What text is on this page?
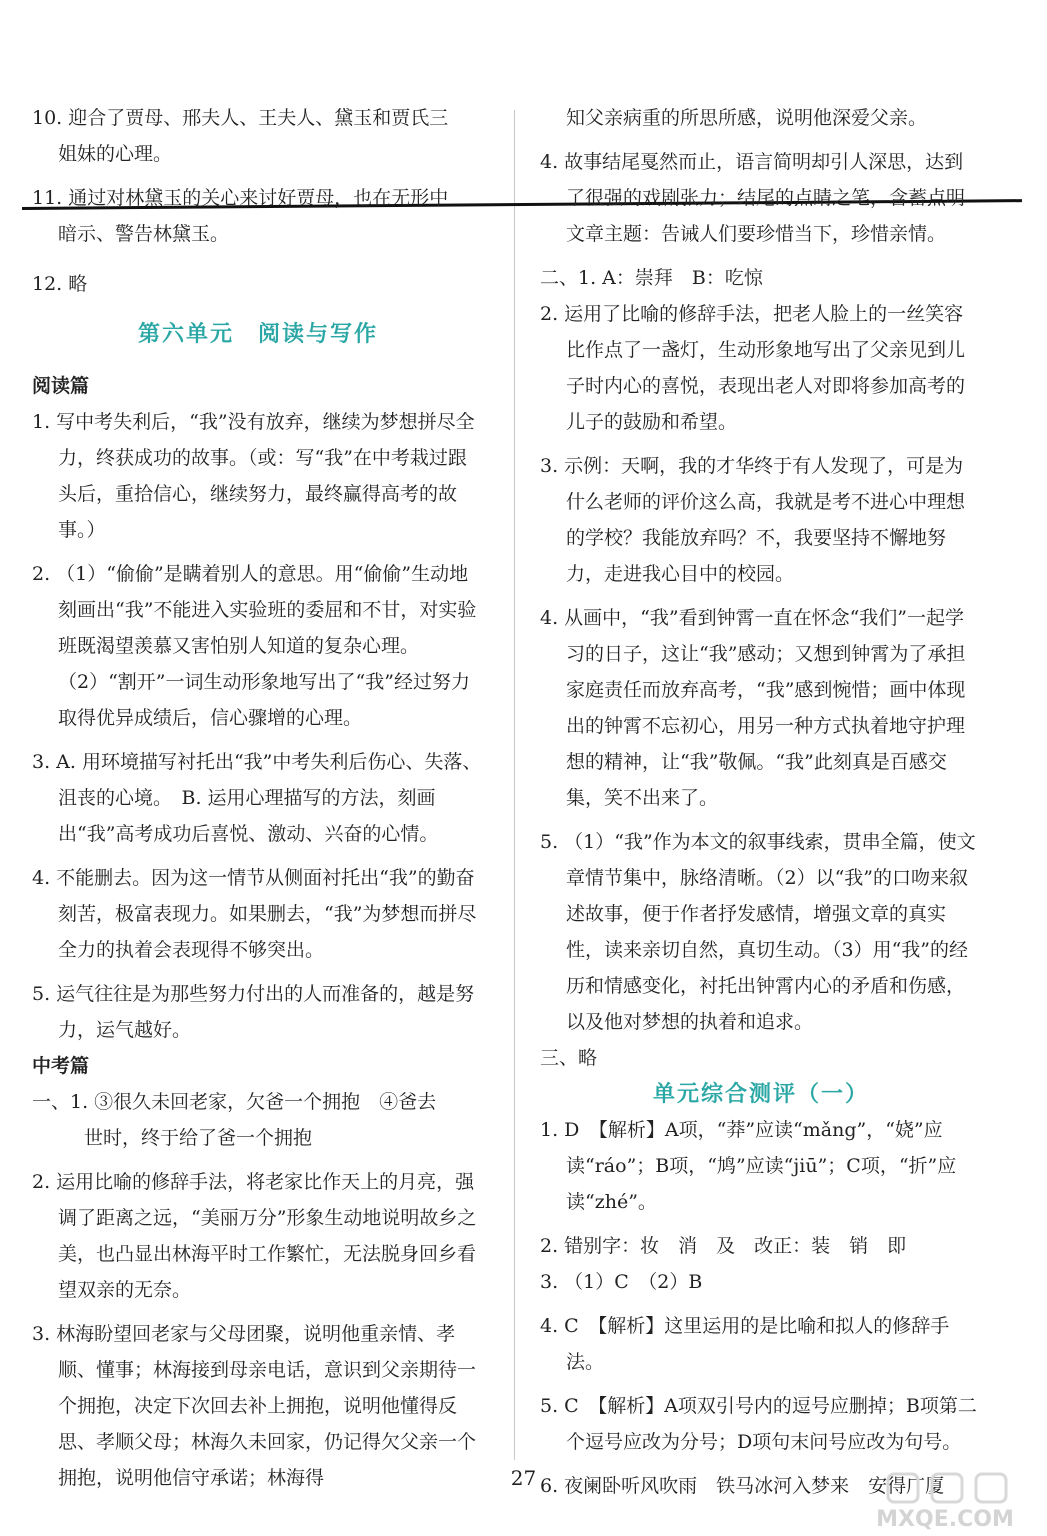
10. 迎合了贾母、邢夫人、王夫人、黛玉和贾氏三

姐妹的心理。

11. 通过对林黛玉的关心来讨好贾母，也在无形中

暗示、警告林黛玉。

12. 略

第六单元　阅读与写作

阅读篇

1. 写中考失利后，“我”没有放弃，继续为梦想拼尽全力，终获成功的故事。（或：写“我”在中考栽过跟头后，重拾信心，继续努力，最终赢得高考的故事。）

2. （1）“偷偷”是瞒着别人的意思。用“偷偷”生动地刻画出“我”不能进入实验班的委屈和不甘，对实验班既渴望羡慕又害怕别人知道的复杂心理。　（2）“割开”一词生动形象地写出了“我”经过努力取得优异成绩后，信心骤增的心理。

3. A. 用环境描写衬托出“我”中考失利后伤心、失落、沮丧的心境。　B. 运用心理描写的方法，刻画出“我”高考成功后喜悦、激动、兴奋的心情。

4. 不能删去。因为这一情节从侧面衬托出“我”的勤奋刻苦，极富表现力。如果删去，“我”为梦想而拼尽全力的执着会表现得不够突出。

5. 运气往往是为那些努力付出的人而准备的，越是努力，运气越好。

中考篇

一、1. ③很久未回老家，欠爸一个拥抱　④爸去

世时，终于给了爸一个拥抱

2. 运用比喻的修辞手法，将老家比作天上的月亮，强调了距离之远，“美丽万分”形象生动地说明故乡之美，也凸显出林海平时工作繁忙，无法脱身回乡看望双亲的无奈。

3. 林海盼望回老家与父母团聚，说明他重亲情、孝顺、懂事；林海接到母亲电话，意识到父亲期待一个拥抱，决定下次回去补上拥抱，说明他懂得反思、孝顺父母；林海久未回家，仍记得欠父亲一个拥抱，说明他信守承诺；林海得

知父亲病重的所思所感，说明他深爱父亲。

4. 故事结尾戛然而止，语言简明却引人深思，达到了很强的戏剧张力；结尾的点睛之笔，含蓄点明文章主题：告诫人们要珍惜当下，珍惜亲情。

二、1. A：崇拜　B：吃惊

2. 运用了比喻的修辞手法，把老人脸上的一丝笑容比作点了一盏灯，生动形象地写出了父亲见到儿子时内心的喜悦，表现出老人对即将参加高考的儿子的鼓励和希望。

3. 示例：天啊，我的才华终于有人发现了，可是为什么老师的评价这么高，我就是考不进心中理想的学校？我能放弃吗？不，我要坚持不懈地努力，走进我心目中的校园。

4. 从画中，“我”看到钟霄一直在怀念“我们”一起学习的日子，这让“我”感动；又想到钟霄为了承担家庭责任而放弃高考，“我”感到惋惜；画中体现出的钟霄不忘初心，用另一种方式执着地守护理想的精神，让“我”敬佩。“我”此刻真是百感交集，笑不出来了。

5. （1）“我”作为本文的叙事线索，贯串全篇，使文章情节集中，脉络清晰。（2）以“我”的口吻来叙述故事，便于作者抒发感情，增强文章的真实性，读来亲切自然，真切生动。（3）用“我”的经历和情感变化，衬托出钟霄内心的矛盾和伤感，以及他对梦想的执着和追求。

三、略

单元综合测评（一）

1. D　【解析】A项，“莽”应读“mǎng”，“娆”应读“ráo”；B项，“鸠”应读“jiū”；C项，“折”应读“zhé”。

2. 错别字：妆　消　及　改正：装　销　即

3. （1）C　（2）B

4. C　【解析】这里运用的是比喻和拟人的修辞手法。

5. C　【解析】A项双引号内的逗号应删掉；B项第二个逗号应改为分号；D项句末问号应改为句号。

6. 夜阑卧听风吹雨　铁马冰河入梦来　安得广厦

27
MXQE.COM
